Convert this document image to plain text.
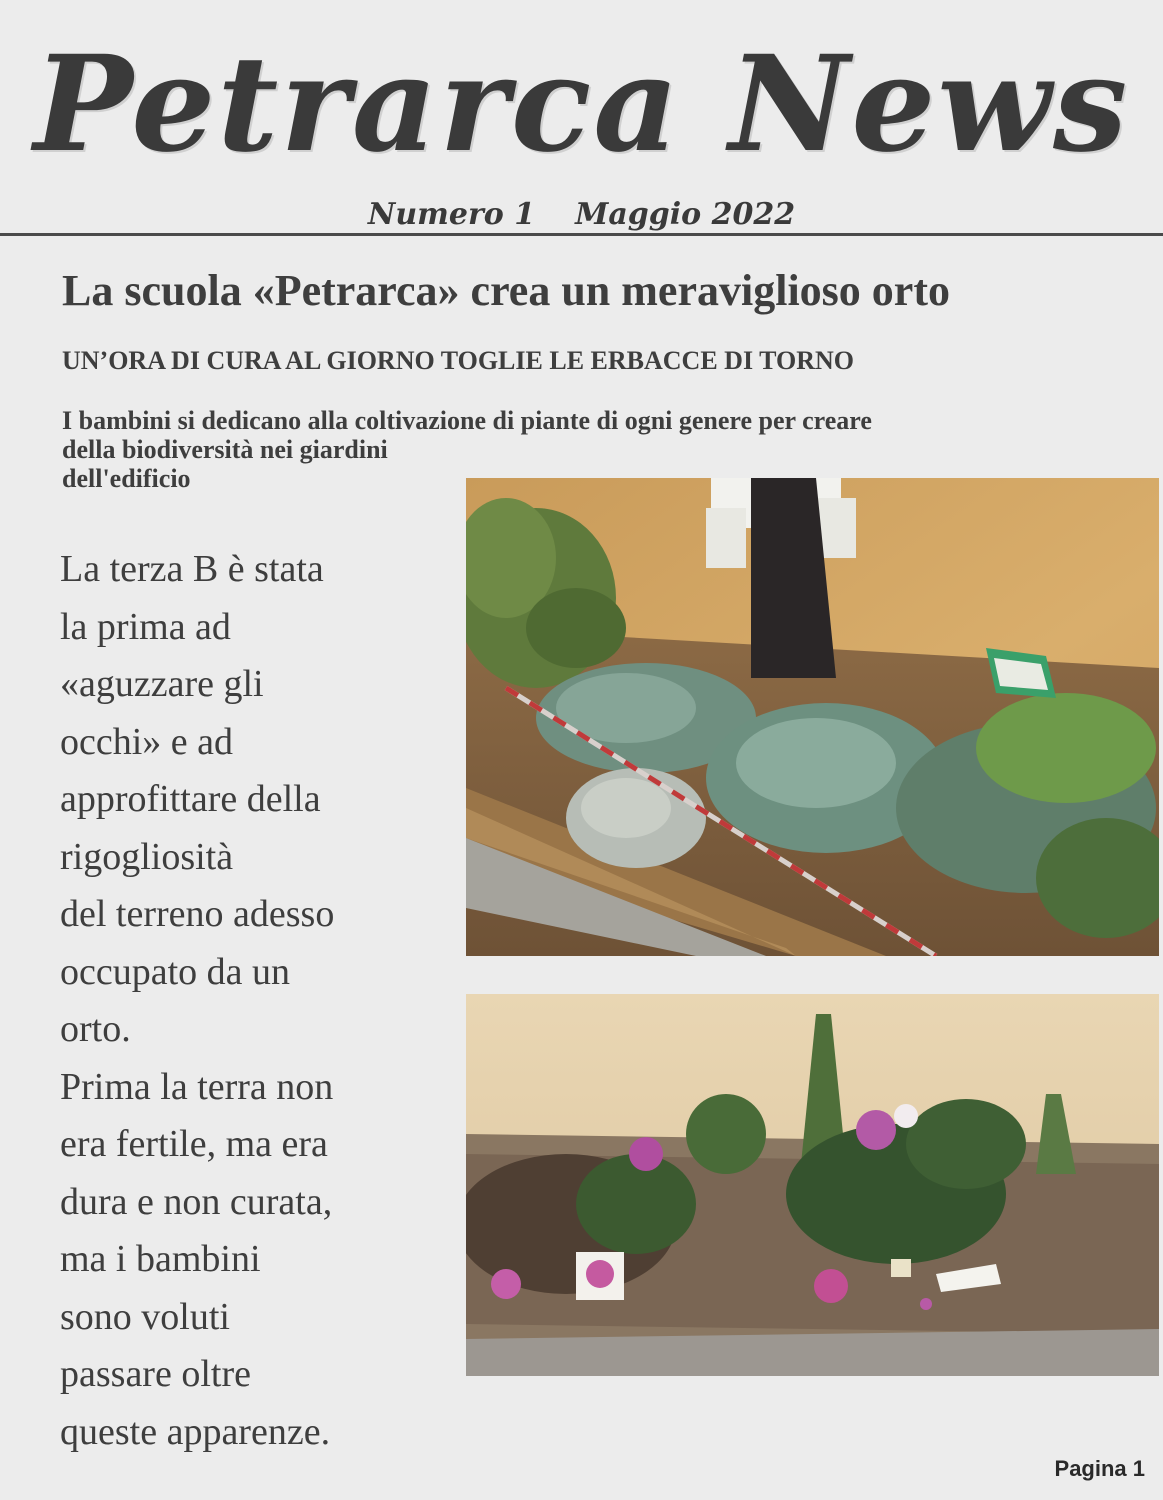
Petrarca News
Numero 1 Maggio 2022
La scuola «Petrarca» crea un meraviglioso orto
UN’ORA DI CURA AL GIORNO TOGLIE LE ERBACCE DI TORNO
I bambini si dedicano alla coltivazione di piante di ogni genere per creare
della biodiversità nei giardini
dell'edificio
La terza B è stata
la prima ad
«aguzzare gli
occhi» e ad
approfittare della
rigogliosità
del terreno adesso
occupato da un
orto.
Prima la terra non
era fertile, ma era
dura e non curata,
ma i bambini
sono voluti
passare oltre
queste apparenze.
Pagina 1
